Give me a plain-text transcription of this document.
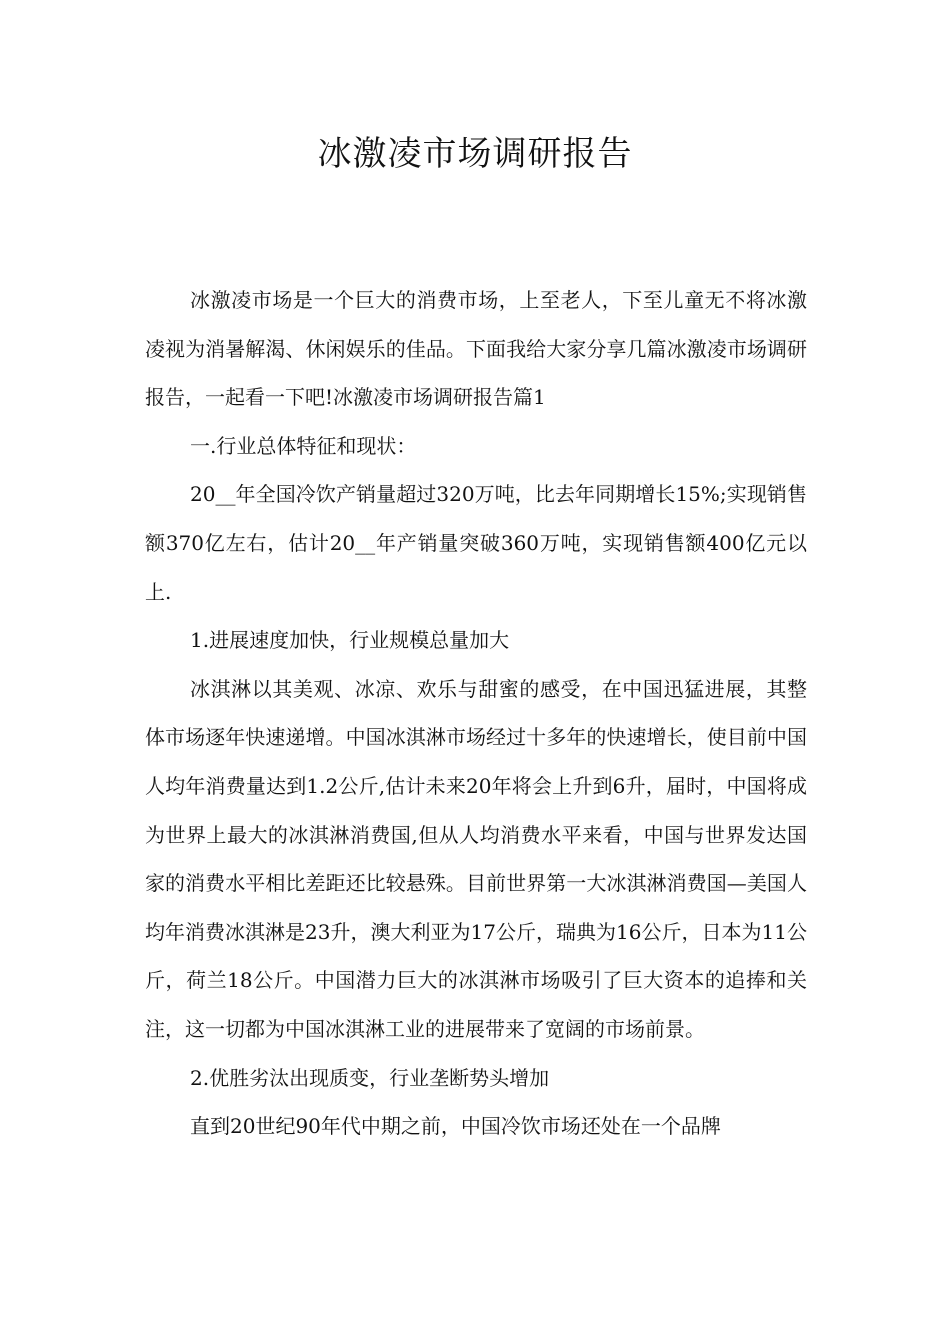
冰激凌市场调研报告

冰激凌市场是一个巨大的消费市场，上至老人，下至儿童无不将冰激凌视为消暑解渴、休闲娱乐的佳品。下面我给大家分享几篇冰激凌市场调研报告，一起看一下吧!冰激凌市场调研报告篇1

一.行业总体特征和现状：

20__年全国冷饮产销量超过320万吨，比去年同期增长15%;实现销售额370亿左右，估计20__年产销量突破360万吨，实现销售额400亿元以上.

1.进展速度加快，行业规模总量加大

冰淇淋以其美观、冰凉、欢乐与甜蜜的感受，在中国迅猛进展，其整体市场逐年快速递增。中国冰淇淋市场经过十多年的快速增长，使目前中国人均年消费量达到1.2公斤,估计未来20年将会上升到6升，届时，中国将成为世界上最大的冰淇淋消费国,但从人均消费水平来看，中国与世界发达国家的消费水平相比差距还比较悬殊。目前世界第一大冰淇淋消费国—美国人均年消费冰淇淋是23升，澳大利亚为17公斤，瑞典为16公斤，日本为11公斤，荷兰18公斤。中国潜力巨大的冰淇淋市场吸引了巨大资本的追捧和关注，这一切都为中国冰淇淋工业的进展带来了宽阔的市场前景。

2.优胜劣汰出现质变，行业垄断势头增加

直到20世纪90年代中期之前，中国冷饮市场还处在一个品牌
